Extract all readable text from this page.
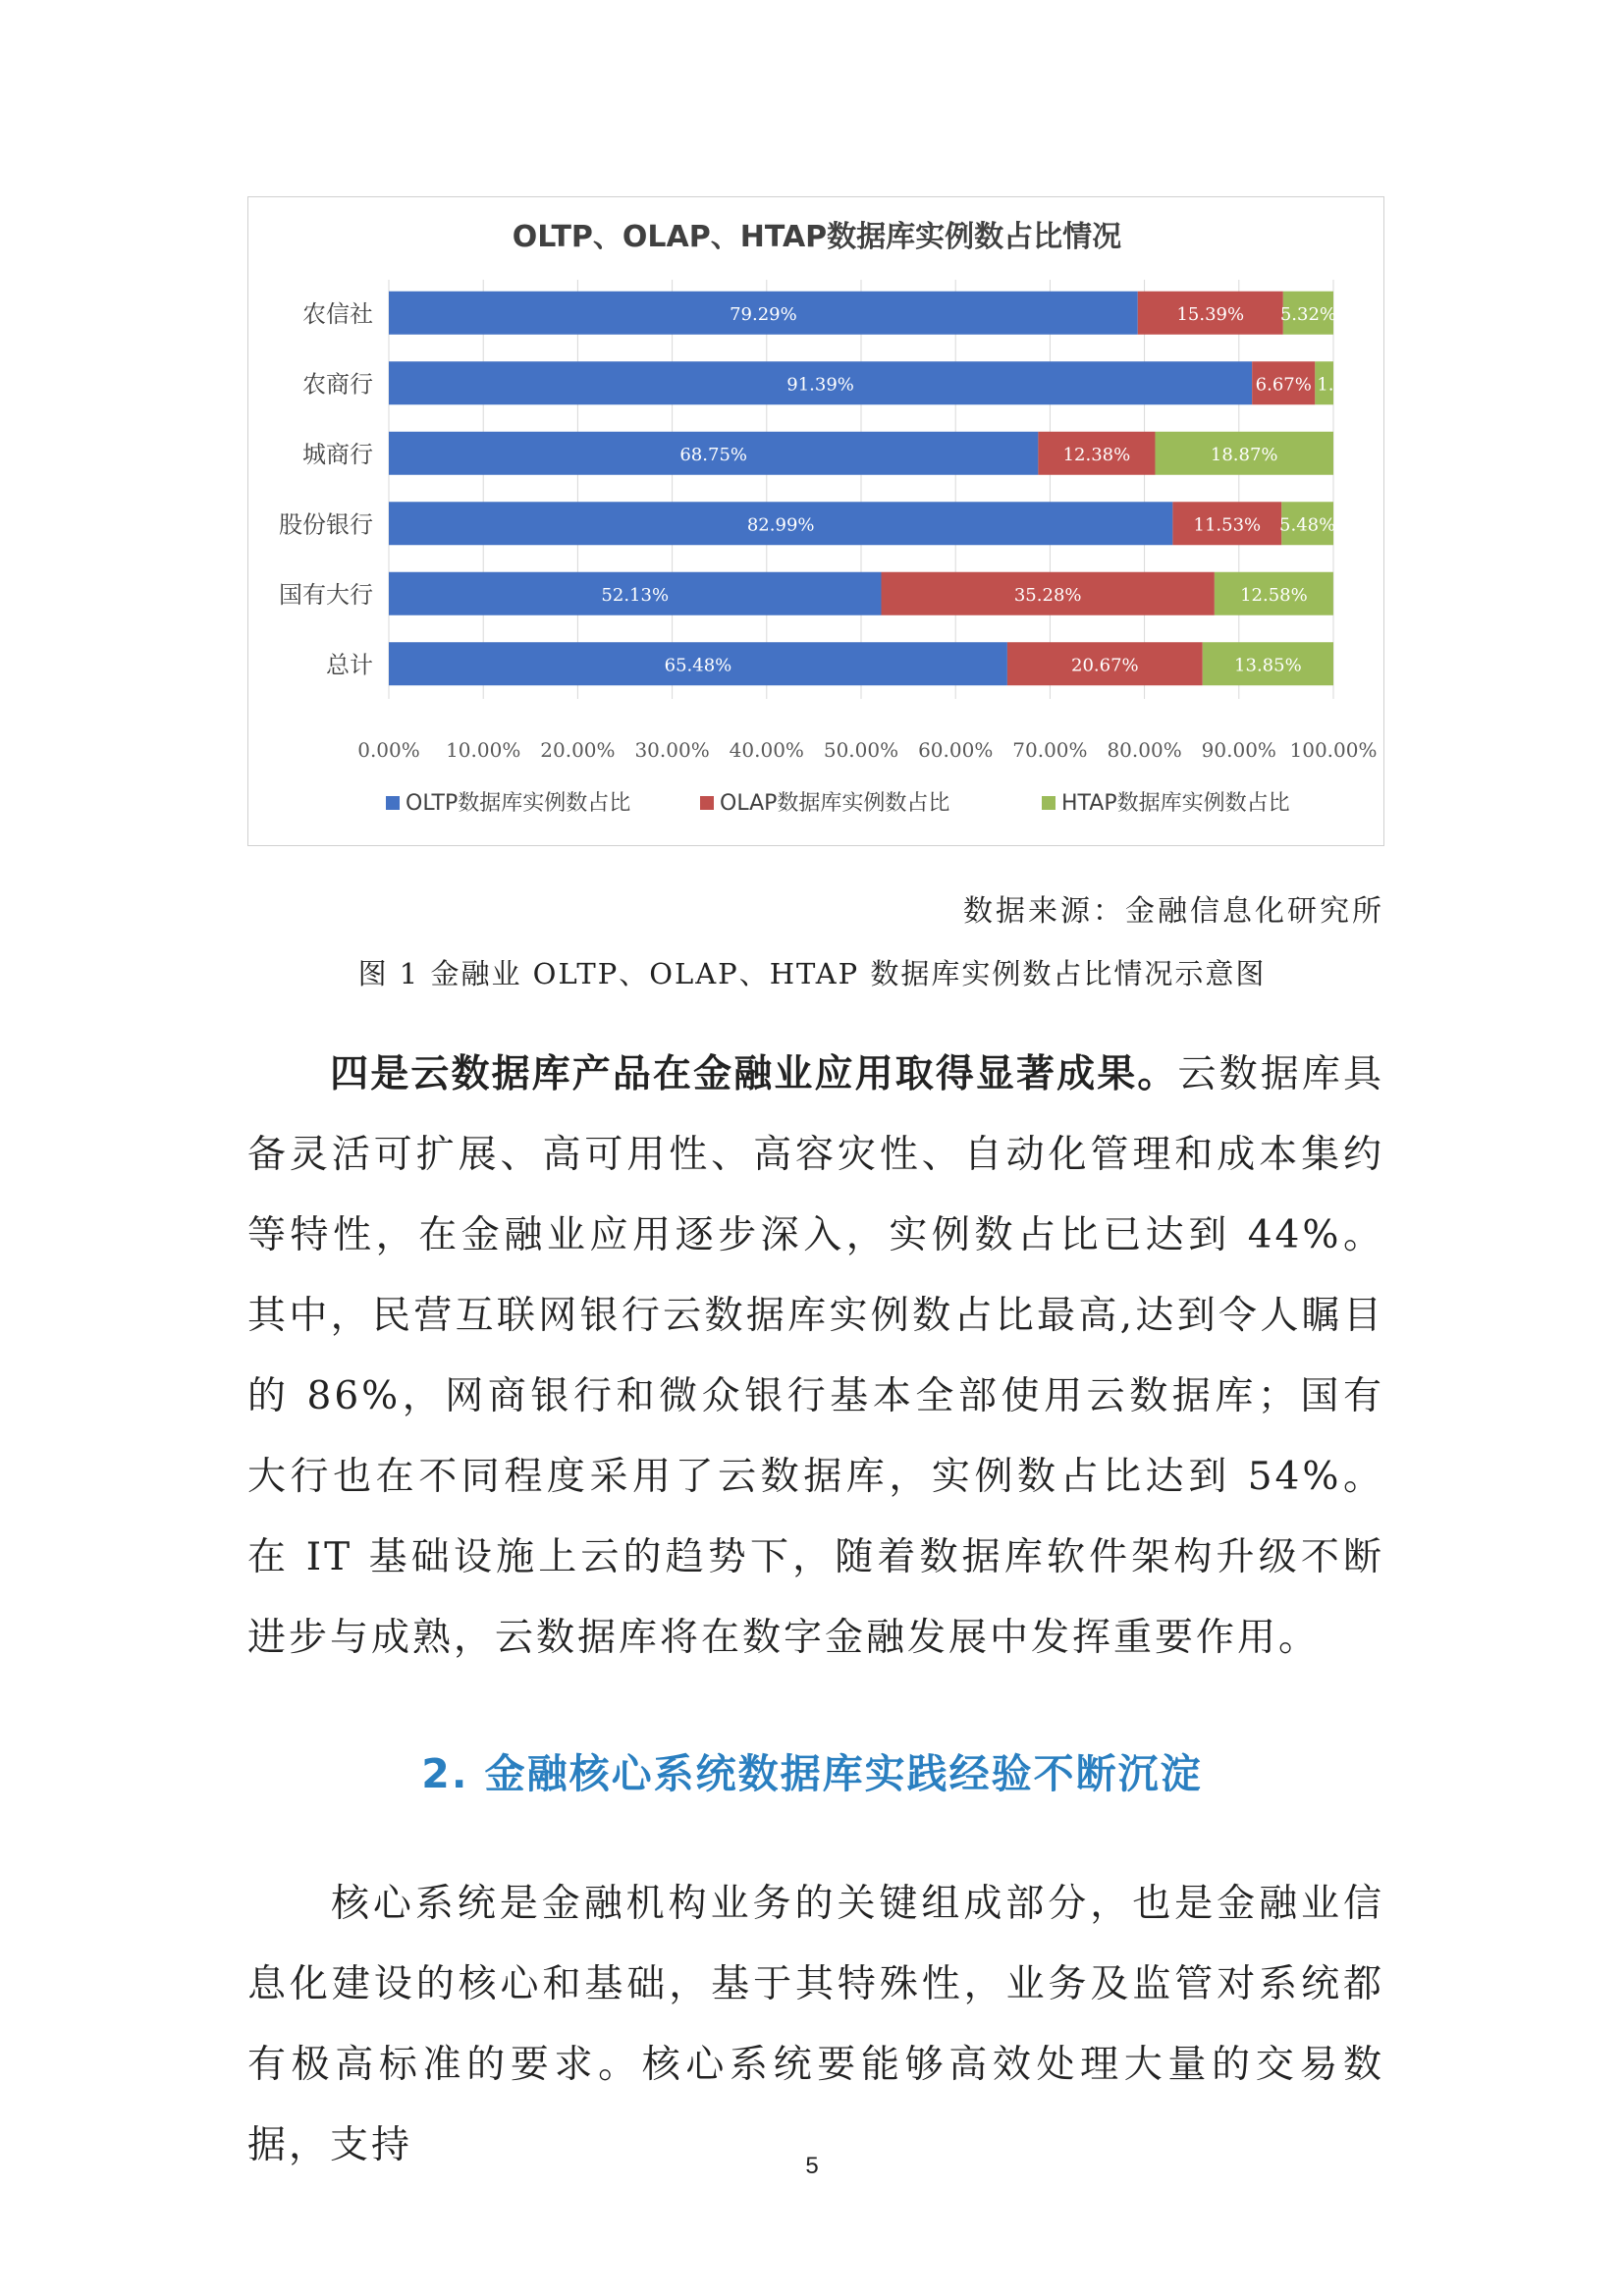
OLTP、OLAP、HTAP数据库实例数占比情况
0.00% 10.00% 20.00% 30.00% 40.00% 50.00% 60.00% 70.00% 80.00% 90.00% 100.00%
农信社	79.29%	15.39% 5.32%
农商行	91.39%	6.67% 1.94%
城商行	68.75%	12.38%	18.87%
股份银行	82.99%	11.53% 5.48%
国有大行	52.13%	35.28%	12.58%
总计	65.48%	20.67%	13.85%
OLTP数据库实例数占比	OLAP数据库实例数占比	HTAP数据库实例数占比
数据来源：金融信息化研究所
图 1 金融业 OLTP、OLAP、HTAP 数据库实例数占比情况示意图

四是云数据库产品在金融业应用取得显著成果。云数据库具备灵活可扩展、高可用性、高容灾性、自动化管理和成本集约等特性，在金融业应用逐步深入，实例数占比已达到 44%。其中，民营互联网银行云数据库实例数占比最高,达到令人瞩目的 86%，网商银行和微众银行基本全部使用云数据库；国有大行也在不同程度采用了云数据库，实例数占比达到 54%。在 IT 基础设施上云的趋势下，随着数据库软件架构升级不断进步与成熟，云数据库将在数字金融发展中发挥重要作用。

2. 金融核心系统数据库实践经验不断沉淀

核心系统是金融机构业务的关键组成部分，也是金融业信息化建设的核心和基础，基于其特殊性，业务及监管对系统都有极高标准的要求。核心系统要能够高效处理大量的交易数据，支持	5
